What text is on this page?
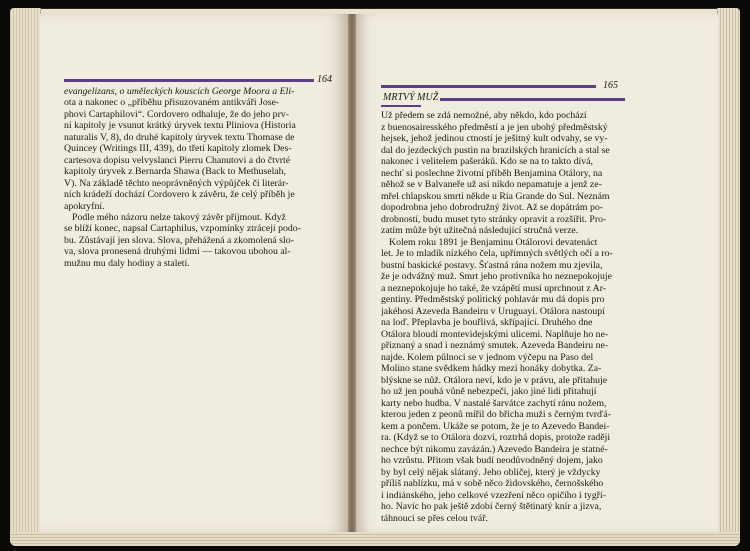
164
evangelizans, o uměleckých kouscích George Moora a Eli-
ota a nakonec o „příběhu přisuzovaném antikváři Jose-
phovi Cartaphilovi“. Cordovero odhaluje, že do jeho prv-
ní kapitoly je vsunut krátký úryvek textu Pliniova (Historia
naturalis V, 8), do druhé kapitoly úryvek textu Thomase de
Quincey (Writings III, 439), do třetí kapitoly zlomek Des-
cartesova dopisu velvyslanci Pierru Chanutovi a do čtvrté
kapitoly úryvek z Bernarda Shawa (Back to Methuselah,
V). Na základě těchto neoprávněných výpůjček či literár-
ních krádeží dochází Cordovero k závěru, že celý příběh je
apokryfní.
Podle mého názoru nelze takový závěr přijmout. Když
se blíží konec, napsal Cartaphilus, vzpomínky ztrácejí podo-
bu. Zůstávají jen slova. Slova, přehážená a zkomolená slo-
va, slova pronesená druhými lidmi — takovou ubohou al-
mužnu mu daly hodiny a staletí.
165
MRTVÝ MUŽ
Už předem se zdá nemožné, aby někdo, kdo pochází
z buenosairesského předměstí a je jen ubohý předměstský
hejsek, jehož jedinou ctností je ješitný kult odvahy, se vy-
dal do jezdeckých pustin na brazilských hranicích a stal se
nakonec i velitelem pašeráků. Kdo se na to takto dívá,
nechť si poslechne životní příběh Benjamina Otálory, na
něhož se v Balvaneře už asi nikdo nepamatuje a jenž ze-
mřel chlapskou smrtí někde u Ria Grande do Sul. Neznám
dopodrobna jeho dobrodružný život. Až se dopátrám po-
drobností, budu muset tyto stránky opravit a rozšířit. Pro-
zatím může být užitečná následující stručná verze.
Kolem roku 1891 je Benjaminu Otálorovi devatenáct
let. Je to mladík nízkého čela, upřímných světlých očí a ro-
bustní baskické postavy. Šťastná rána nožem mu zjevila,
že je odvážný muž. Smrt jeho protivníka ho neznepokojuje
a neznepokojuje ho také, že vzápětí musí uprchnout z Ar-
gentiny. Předměstský politický pohlavár mu dá dopis pro
jakéhosi Azeveda Bandeiru v Uruguayi. Otálora nastoupí
na loď. Přeplavba je bouřlivá, skřípající. Druhého dne
Otálora bloudí montevidejskými ulicemi. Naplňuje ho ne-
přiznaný a snad i neznámý smutek. Azeveda Bandeiru ne-
najde. Kolem půlnoci se v jednom výčepu na Paso del
Molino stane svědkem hádky mezi honáky dobytka. Za-
blýskne se nůž. Otálora neví, kdo je v právu, ale přitahuje
ho už jen pouhá vůně nebezpečí, jako jiné lidi přitahují
karty nebo hudba. V nastalé šarvátce zachytí ránu nožem,
kterou jeden z peonů mířil do břicha muži s černým tvrďá-
kem a pončem. Ukáže se potom, že je to Azevedo Bandei-
ra. (Když se to Otálora dozví, roztrhá dopis, protože raději
nechce být nikomu zavázán.) Azevedo Bandeira je statné-
ho vzrůstu. Přitom však budí neodůvodněný dojem, jako
by byl celý nějak slátaný. Jeho obličej, který je vždycky
příliš nablízku, má v sobě něco židovského, černošského
i indiánského, jeho celkové vzezření něco opičího i tygří-
ho. Navíc ho pak ještě zdobí černý štětinatý knír a jizva,
táhnoucí se přes celou tvář.
